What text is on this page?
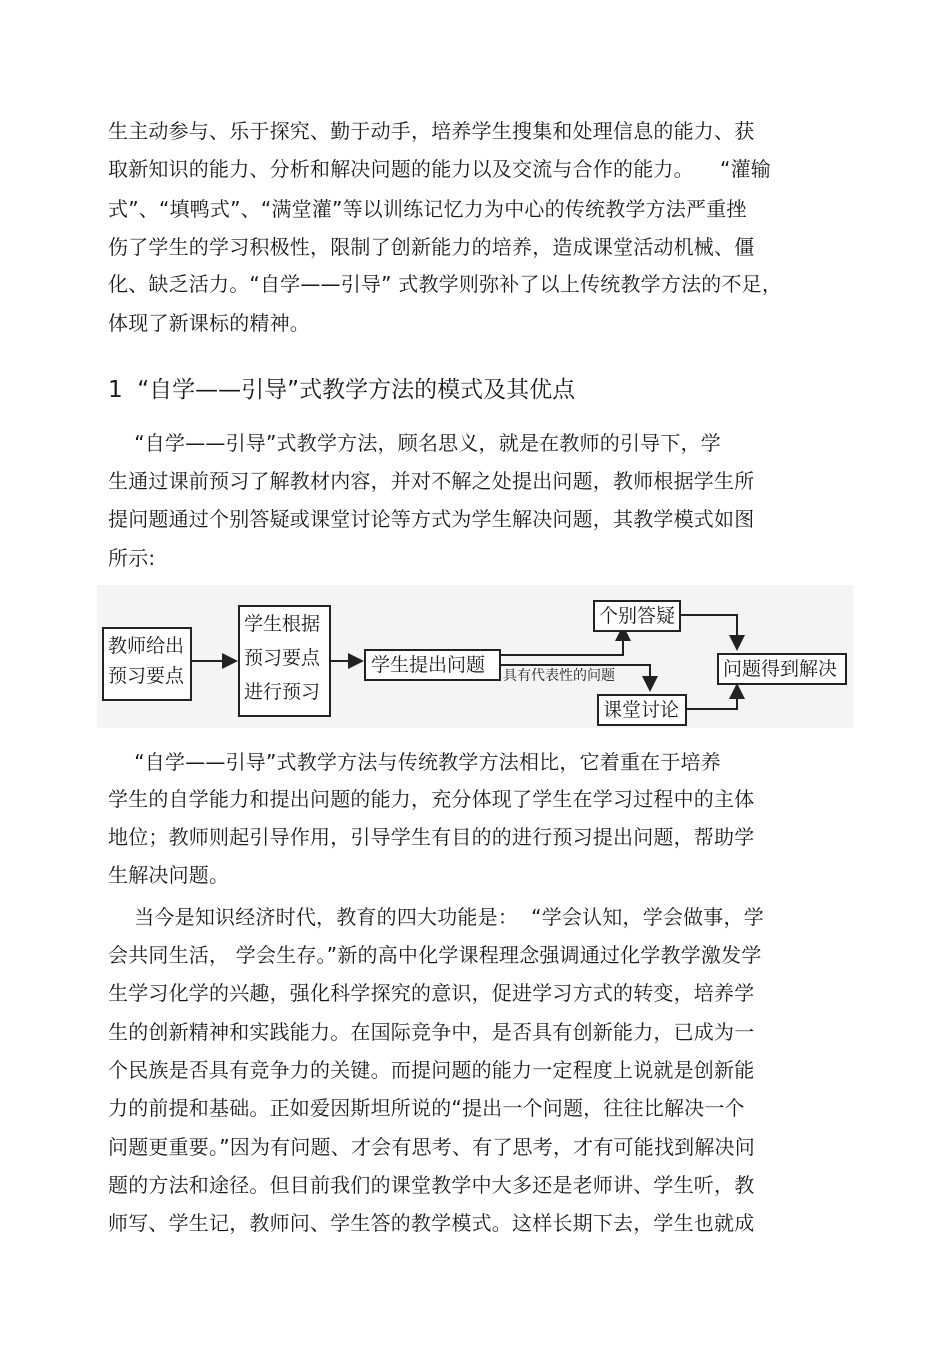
生主动参与、乐于探究、勤于动手，培养学生搜集和处理信息的能力、获
取新知识的能力、分析和解决问题的能力以及交流与合作的能力。    “灌输
式”、“填鸭式”、“满堂灌”等以训练记忆力为中心的传统教学方法严重挫
伤了学生的学习积极性，限制了创新能力的培养，造成课堂活动机械、僵
化、缺乏活力。“自学——引导” 式教学则弥补了以上传统教学方法的不足，
体现了新课标的精神。
1  “自学——引导”式教学方法的模式及其优点
“自学——引导”式教学方法，顾名思义，就是在教师的引导下，学
生通过课前预习了解教材内容，并对不解之处提出问题，教师根据学生所
提问题通过个别答疑或课堂讨论等方式为学生解决问题，其教学模式如图
所示:
教师给出
预习要点
学生根据
预习要点
进行预习
学生提出问题
个别答疑
课堂讨论
问题得到解决
具有代表性的问题
“自学——引导”式教学方法与传统教学方法相比，它着重在于培养
学生的自学能力和提出问题的能力，充分体现了学生在学习过程中的主体
地位；教师则起引导作用，引导学生有目的的进行预习提出问题，帮助学
生解决问题。
当今是知识经济时代，教育的四大功能是：  “学会认知，学会做事，学
会共同生活， 学会生存。”新的高中化学课程理念强调通过化学教学激发学
生学习化学的兴趣，强化科学探究的意识，促进学习方式的转变，培养学
生的创新精神和实践能力。在国际竞争中，是否具有创新能力，已成为一
个民族是否具有竞争力的关键。而提问题的能力一定程度上说就是创新能
力的前提和基础。正如爱因斯坦所说的“提出一个问题，往往比解决一个
问题更重要。”因为有问题、才会有思考、有了思考，才有可能找到解决问
题的方法和途径。但目前我们的课堂教学中大多还是老师讲、学生听，教
师写、学生记，教师问、学生答的教学模式。这样长期下去，学生也就成
